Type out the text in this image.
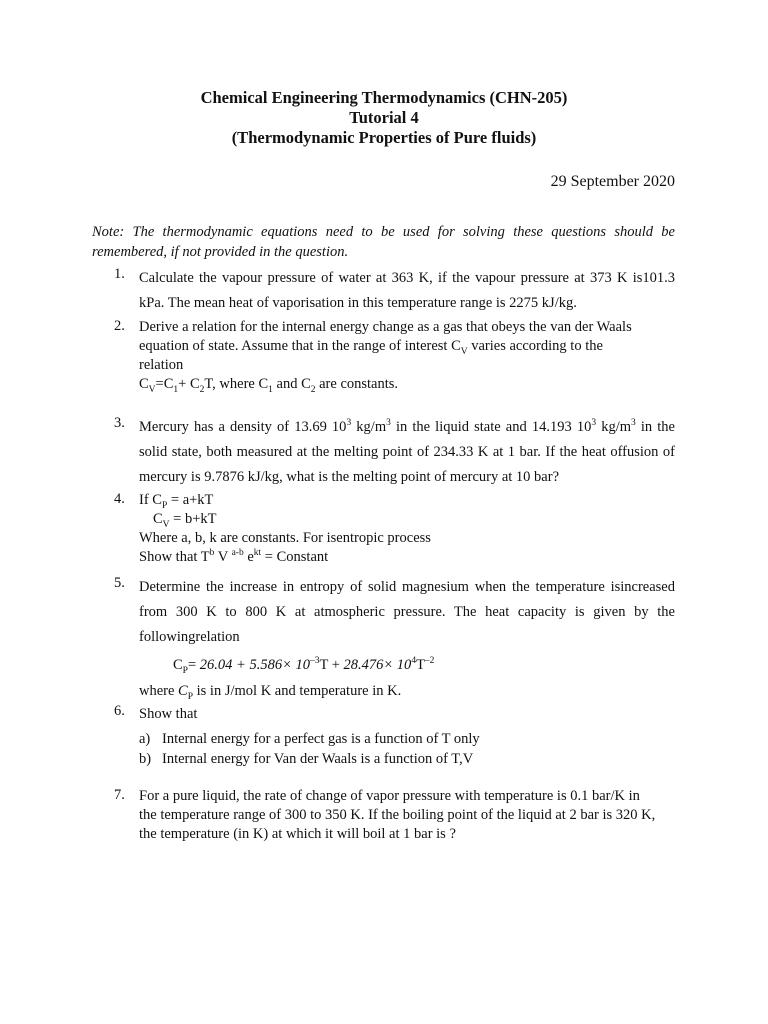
Chemical Engineering Thermodynamics (CHN-205)
Tutorial 4
(Thermodynamic Properties of Pure fluids)
29 September 2020
Note: The thermodynamic equations need to be used for solving these questions should be remembered, if not provided in the question.
1. Calculate the vapour pressure of water at 363 K, if the vapour pressure at 373 K is101.3 kPa. The mean heat of vaporisation in this temperature range is 2275 kJ/kg.
2. Derive a relation for the internal energy change as a gas that obeys the van der Waals equation of state. Assume that in the range of interest $C_V$ varies according to the relation
$C_V=C_1+ C_2T$, where $C_1$ and $C_2$ are constants.
3. Mercury has a density of 13.69 $10^3$ $kg/m^3$ in the liquid state and 14.193 $10^3$ $kg/m^3$ in the solid state, both measured at the melting point of 234.33 K at 1 bar. If the heat offusion of mercury is 9.7876 kJ/kg, what is the melting point of mercury at 10 bar?
4. If $C_P = a+kT$
$C_V = b+kT$
Where a, b, k are constants. For isentropic process
Show that $T^b$ V $^{a-b}$ $e^{kt}$ = Constant
5. Determine the increase in entropy of solid magnesium when the temperature isincreased from 300 K to 800 K at atmospheric pressure. The heat capacity is given by the followingrelation
$C_P= 26.04 + 5.586\times 10^{-3}T + 28.476\times 10^4T^{-2}$
where $C_P$ is in J/mol K and temperature in K.
6. Show that
a) Internal energy for a perfect gas is a function of T only
b) Internal energy for Van der Waals is a function of T,V
7. For a pure liquid, the rate of change of vapor pressure with temperature is 0.1 bar/K in the temperature range of 300 to 350 K. If the boiling point of the liquid at 2 bar is 320 K, the temperature (in K) at which it will boil at 1 bar is ?
